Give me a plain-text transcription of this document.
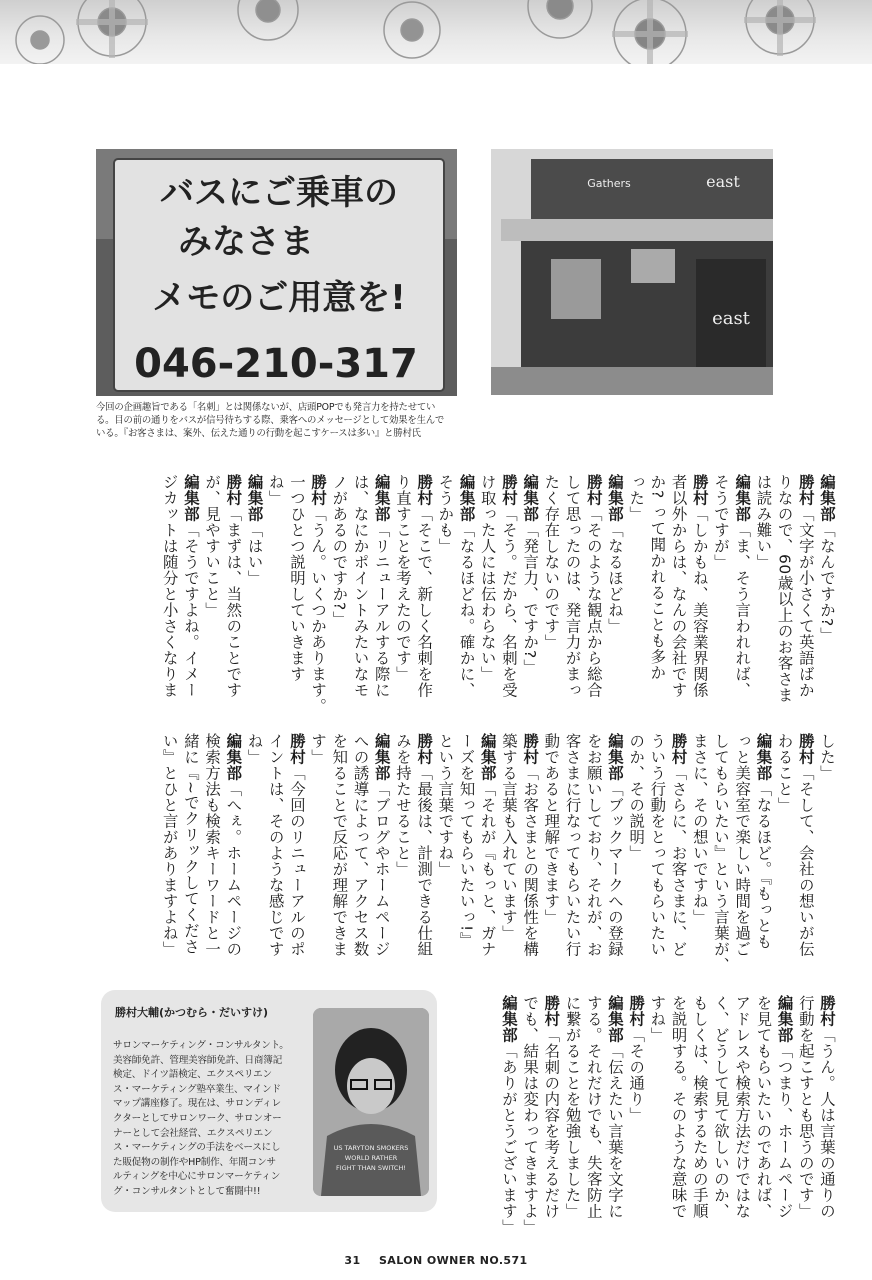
バスにご乗車の
みなさま
メモのご用意を!
046-210-317
Gathers	east
east

今回の企画趣旨である「名刺」とは関係ないが、店頭POPでも発言力を持たせてい

る。目の前の通りをバスが信号待ちする際、乗客へのメッセージとして効果を生んで

いる。『お客さまは、案外、伝えた通りの行動を起こすケースは多い』と勝村氏

編集部「なんですか?」
勝村「文字が小さくて英語ばか
りなので、60歳以上のお客さま
は読み難い」
編集部「ま、そう言われれば、
そうですが」
勝村「しかもね、美容業界関係
者以外からは、なんの会社です
か? って聞かれることも多か
った」
編集部「なるほどね」
勝村「そのような観点から総合
して思ったのは、発言力がまっ
たく存在しないのです」
編集部「発言力、ですか?」
勝村「そう。だから、名刺を受
け取った人には伝わらない」
編集部「なるほどね。確かに、
そうかも」
勝村「そこで、新しく名刺を作
り直すことを考えたのです」
編集部「リニューアルする際に
は、なにかポイントみたいなモ
ノがあるのですか?」
勝村「うん。いくつかあります。
一つひとつ説明していきます
ね」
編集部「はい」
勝村「まずは、当然のことです
が、見やすいこと」
編集部「そうですよね。イメー
ジカットは随分と小さくなりま
した」
勝村「そして、会社の想いが伝
わること」
編集部「なるほど。『もっとも
っと美容室で楽しい時間を過ご
してもらいたい』という言葉が、
まさに、その想いですね」
勝村「さらに、お客さまに、ど
ういう行動をとってもらいたい
のか、その説明」
編集部「ブックマークへの登録
をお願いしており、それが、お
客さまに行なってもらいたい行
動であると理解できます」
勝村「お客さまとの関係性を構
築する言葉も入れています」
編集部「それが『もっと、ガナ
ーズを知ってもらいたいっ!』
という言葉ですね」
勝村「最後は、計測できる仕組
みを持たせること」
編集部「ブログやホームページ
への誘導によって、アクセス数
を知ることで反応が理解できま
す」
勝村「今回のリニューアルのポ
イントは、そのような感じです
ね」
編集部「へぇ。ホームページの
検索方法も検索キーワードと一
緒に『~でクリックしてくださ
い』とひと言がありますよね」
勝村「うん。人は言葉の通りの
行動を起こすとも思うのです」
編集部「つまり、ホームページ
を見てもらいたいのであれば、
アドレスや検索方法だけではな
く、どうして見て欲しいのか、
もしくは、検索するための手順
を説明する。そのような意味で
すね」
勝村「その通り」
編集部「伝えたい言葉を文字に
する。それだけでも、失客防止
に繋がることを勉強しました」
勝村「名刺の内容を考えるだけ
でも、結果は変わってきますよ」
編集部「ありがとうございます」
勝村大輔(かつむら・だいすけ)

サロンマーケティング・コンサルタント。

美容師免許、管理美容師免許、日商簿記

検定、ドイツ語検定、エクスペリエン

ス・マーケティング塾卒業生、マインド

マップ講座修了。現在は、サロンディレ

クターとしてサロンワーク、サロンオー

ナーとして会社経営、エクスペリエン

ス・マーケティングの手法をベースにし

た販促物の制作やHP制作、年間コンサ

ルティングを中心にサロンマーケティン

グ・コンサルタントとして奮闘中!!

US TARYTON SMOKERS
WORLD RATHER
FIGHT THAN SWITCH!
31 SALON OWNER NO.571
